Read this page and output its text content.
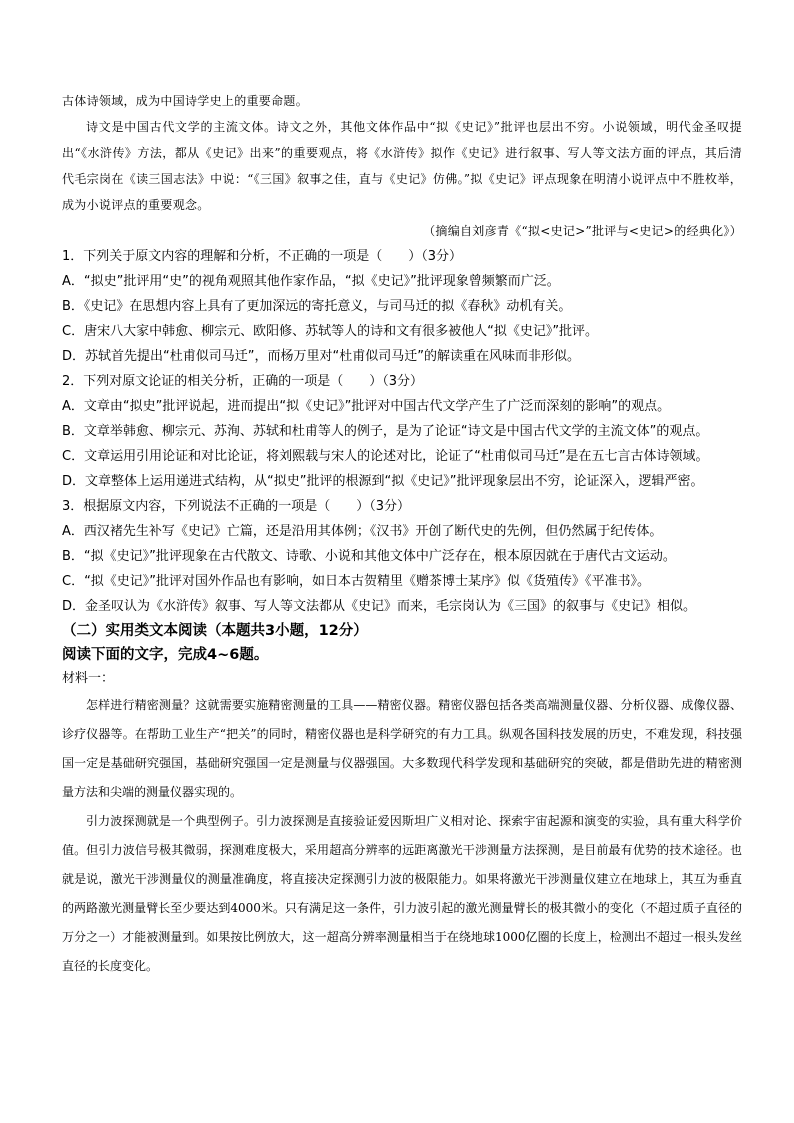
古体诗领域，成为中国诗学史上的重要命题。

诗文是中国古代文学的主流文体。诗文之外，其他文体作品中“拟《史记》”批评也层出不穷。小说领域，明代金圣叹提出“《水浒传》方法，都从《史记》出来”的重要观点，将《水浒传》拟作《史记》进行叙事、写人等文法方面的评点，其后清代毛宗岗在《读三国志法》中说：“《三国》叙事之佳，直与《史记》仿佛。”拟《史记》评点现象在明清小说评点中不胜枚举，成为小说评点的重要观念。

（摘编自刘彦青《“拟<史记>”批评与<史记>的经典化》）

1．下列关于原文内容的理解和分析，不正确的一项是（　　）（3分）

A．“拟史”批评用“史”的视角观照其他作家作品，“拟《史记》”批评现象曾频繁而广泛。

B．《史记》在思想内容上具有了更加深远的寄托意义，与司马迁的拟《春秋》动机有关。

C．唐宋八大家中韩愈、柳宗元、欧阳修、苏轼等人的诗和文有很多被他人“拟《史记》”批评。

D．苏轼首先提出“杜甫似司马迁”，而杨万里对“杜甫似司马迁”的解读重在风味而非形似。

2．下列对原文论证的相关分析，正确的一项是（　　）（3分）

A．文章由“拟史”批评说起，进而提出“拟《史记》”批评对中国古代文学产生了广泛而深刻的影响”的观点。

B．文章举韩愈、柳宗元、苏洵、苏轼和杜甫等人的例子，是为了论证“诗文是中国古代文学的主流文体”的观点。

C．文章运用引用论证和对比论证，将刘熙载与宋人的论述对比，论证了“杜甫似司马迁”是在五七言古体诗领域。

D．文章整体上运用递进式结构，从“拟史”批评的根源到“拟《史记》”批评现象层出不穷，论证深入，逻辑严密。

3．根据原文内容，下列说法不正确的一项是（　　）（3分）

A．西汉褚先生补写《史记》亡篇，还是沿用其体例；《汉书》开创了断代史的先例，但仍然属于纪传体。

B．“拟《史记》”批评现象在古代散文、诗歌、小说和其他文体中广泛存在，根本原因就在于唐代古文运动。

C．“拟《史记》”批评对国外作品也有影响，如日本古贺精里《赠茶博士某序》似《货殖传》《平准书》。

D．金圣叹认为《水浒传》叙事、写人等文法都从《史记》而来，毛宗岗认为《三国》的叙事与《史记》相似。

（二）实用类文本阅读（本题共3小题，12分）

阅读下面的文字，完成4~6题。

材料一：

怎样进行精密测量？这就需要实施精密测量的工具——精密仪器。精密仪器包括各类高端测量仪器、分析仪器、成像仪器、诊疗仪器等。在帮助工业生产“把关”的同时，精密仪器也是科学研究的有力工具。纵观各国科技发展的历史，不难发现，科技强国一定是基础研究强国，基础研究强国一定是测量与仪器强国。大多数现代科学发现和基础研究的突破，都是借助先进的精密测量方法和尖端的测量仪器实现的。

引力波探测就是一个典型例子。引力波探测是直接验证爱因斯坦广义相对论、探索宇宙起源和演变的实验，具有重大科学价值。但引力波信号极其微弱，探测难度极大，采用超高分辨率的远距离激光干涉测量方法探测，是目前最有优势的技术途径。也就是说，激光干涉测量仪的测量准确度，将直接决定探测引力波的极限能力。如果将激光干涉测量仪建立在地球上，其互为垂直的两路激光测量臂长至少要达到4000米。只有满足这一条件，引力波引起的激光测量臂长的极其微小的变化（不超过质子直径的万分之一）才能被测量到。如果按比例放大，这一超高分辨率测量相当于在绕地球1000亿圈的长度上，检测出不超过一根头发丝直径的长度变化。
